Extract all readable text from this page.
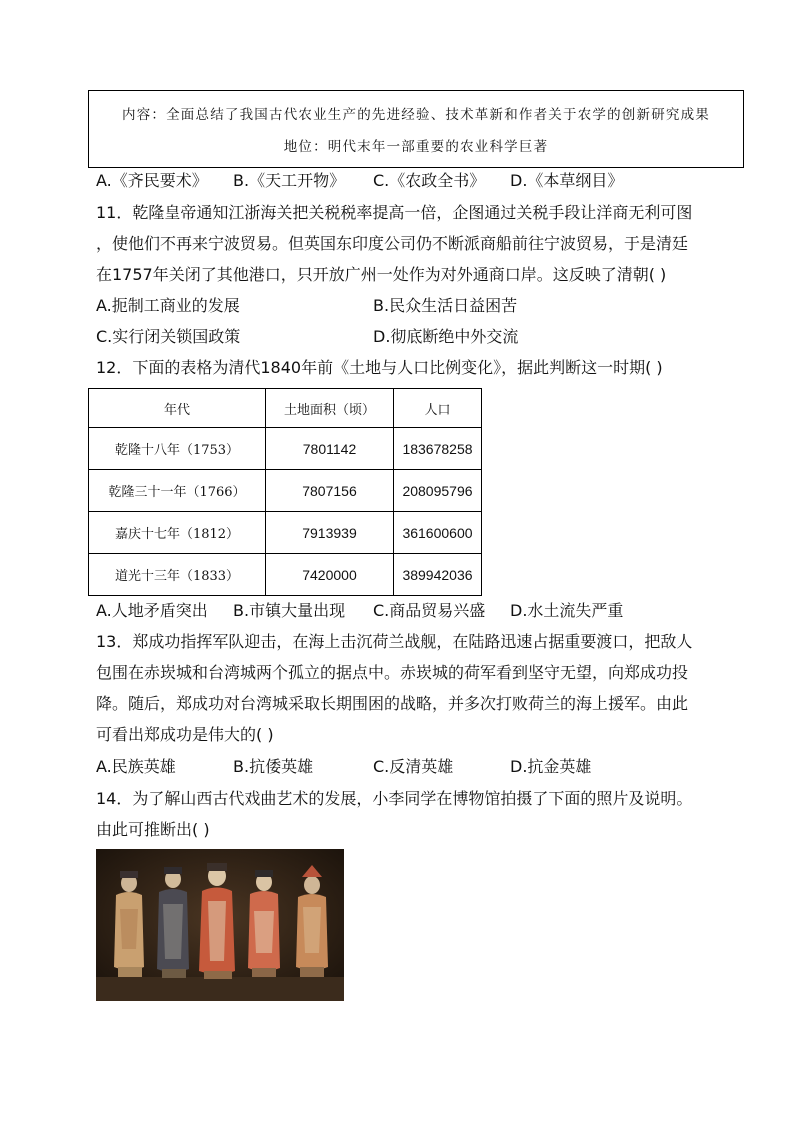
内容：全面总结了我国古代农业生产的先进经验、技术革新和作者关于农学的创新研究成果
地位：明代末年一部重要的农业科学巨著
A.《齐民要术》 B.《天工开物》 C.《农政全书》 D.《本草纲目》
11．乾隆皇帝通知江浙海关把关税税率提高一倍，企图通过关税手段让洋商无利可图
，使他们不再来宁波贸易。但英国东印度公司仍不断派商船前往宁波贸易，于是清廷
在1757年关闭了其他港口，只开放广州一处作为对外通商口岸。这反映了清朝( )
A.扼制工商业的发展	B.民众生活日益困苦
C.实行闭关锁国政策	D.彻底断绝中外交流
12．下面的表格为清代1840年前《土地与人口比例变化》，据此判断这一时期( )
年代	土地面积（顷）	人口
乾隆十八年（1753）	7801142	183678258
乾隆三十一年（1766）	7807156	208095796
嘉庆十七年（1812）	7913939	361600600
道光十三年（1833）	7420000	389942036
A.人地矛盾突出 B.市镇大量出现 C.商品贸易兴盛 D.水土流失严重
13．郑成功指挥军队迎击，在海上击沉荷兰战舰，在陆路迅速占据重要渡口，把敌人
包围在赤崁城和台湾城两个孤立的据点中。赤崁城的荷军看到坚守无望，向郑成功投
降。随后，郑成功对台湾城采取长期围困的战略，并多次打败荷兰的海上援军。由此
可看出郑成功是伟大的( )
A.民族英雄	B.抗倭英雄	C.反清英雄	D.抗金英雄
14．为了解山西古代戏曲艺术的发展，小李同学在博物馆拍摄了下面的照片及说明。
由此可推断出( )
